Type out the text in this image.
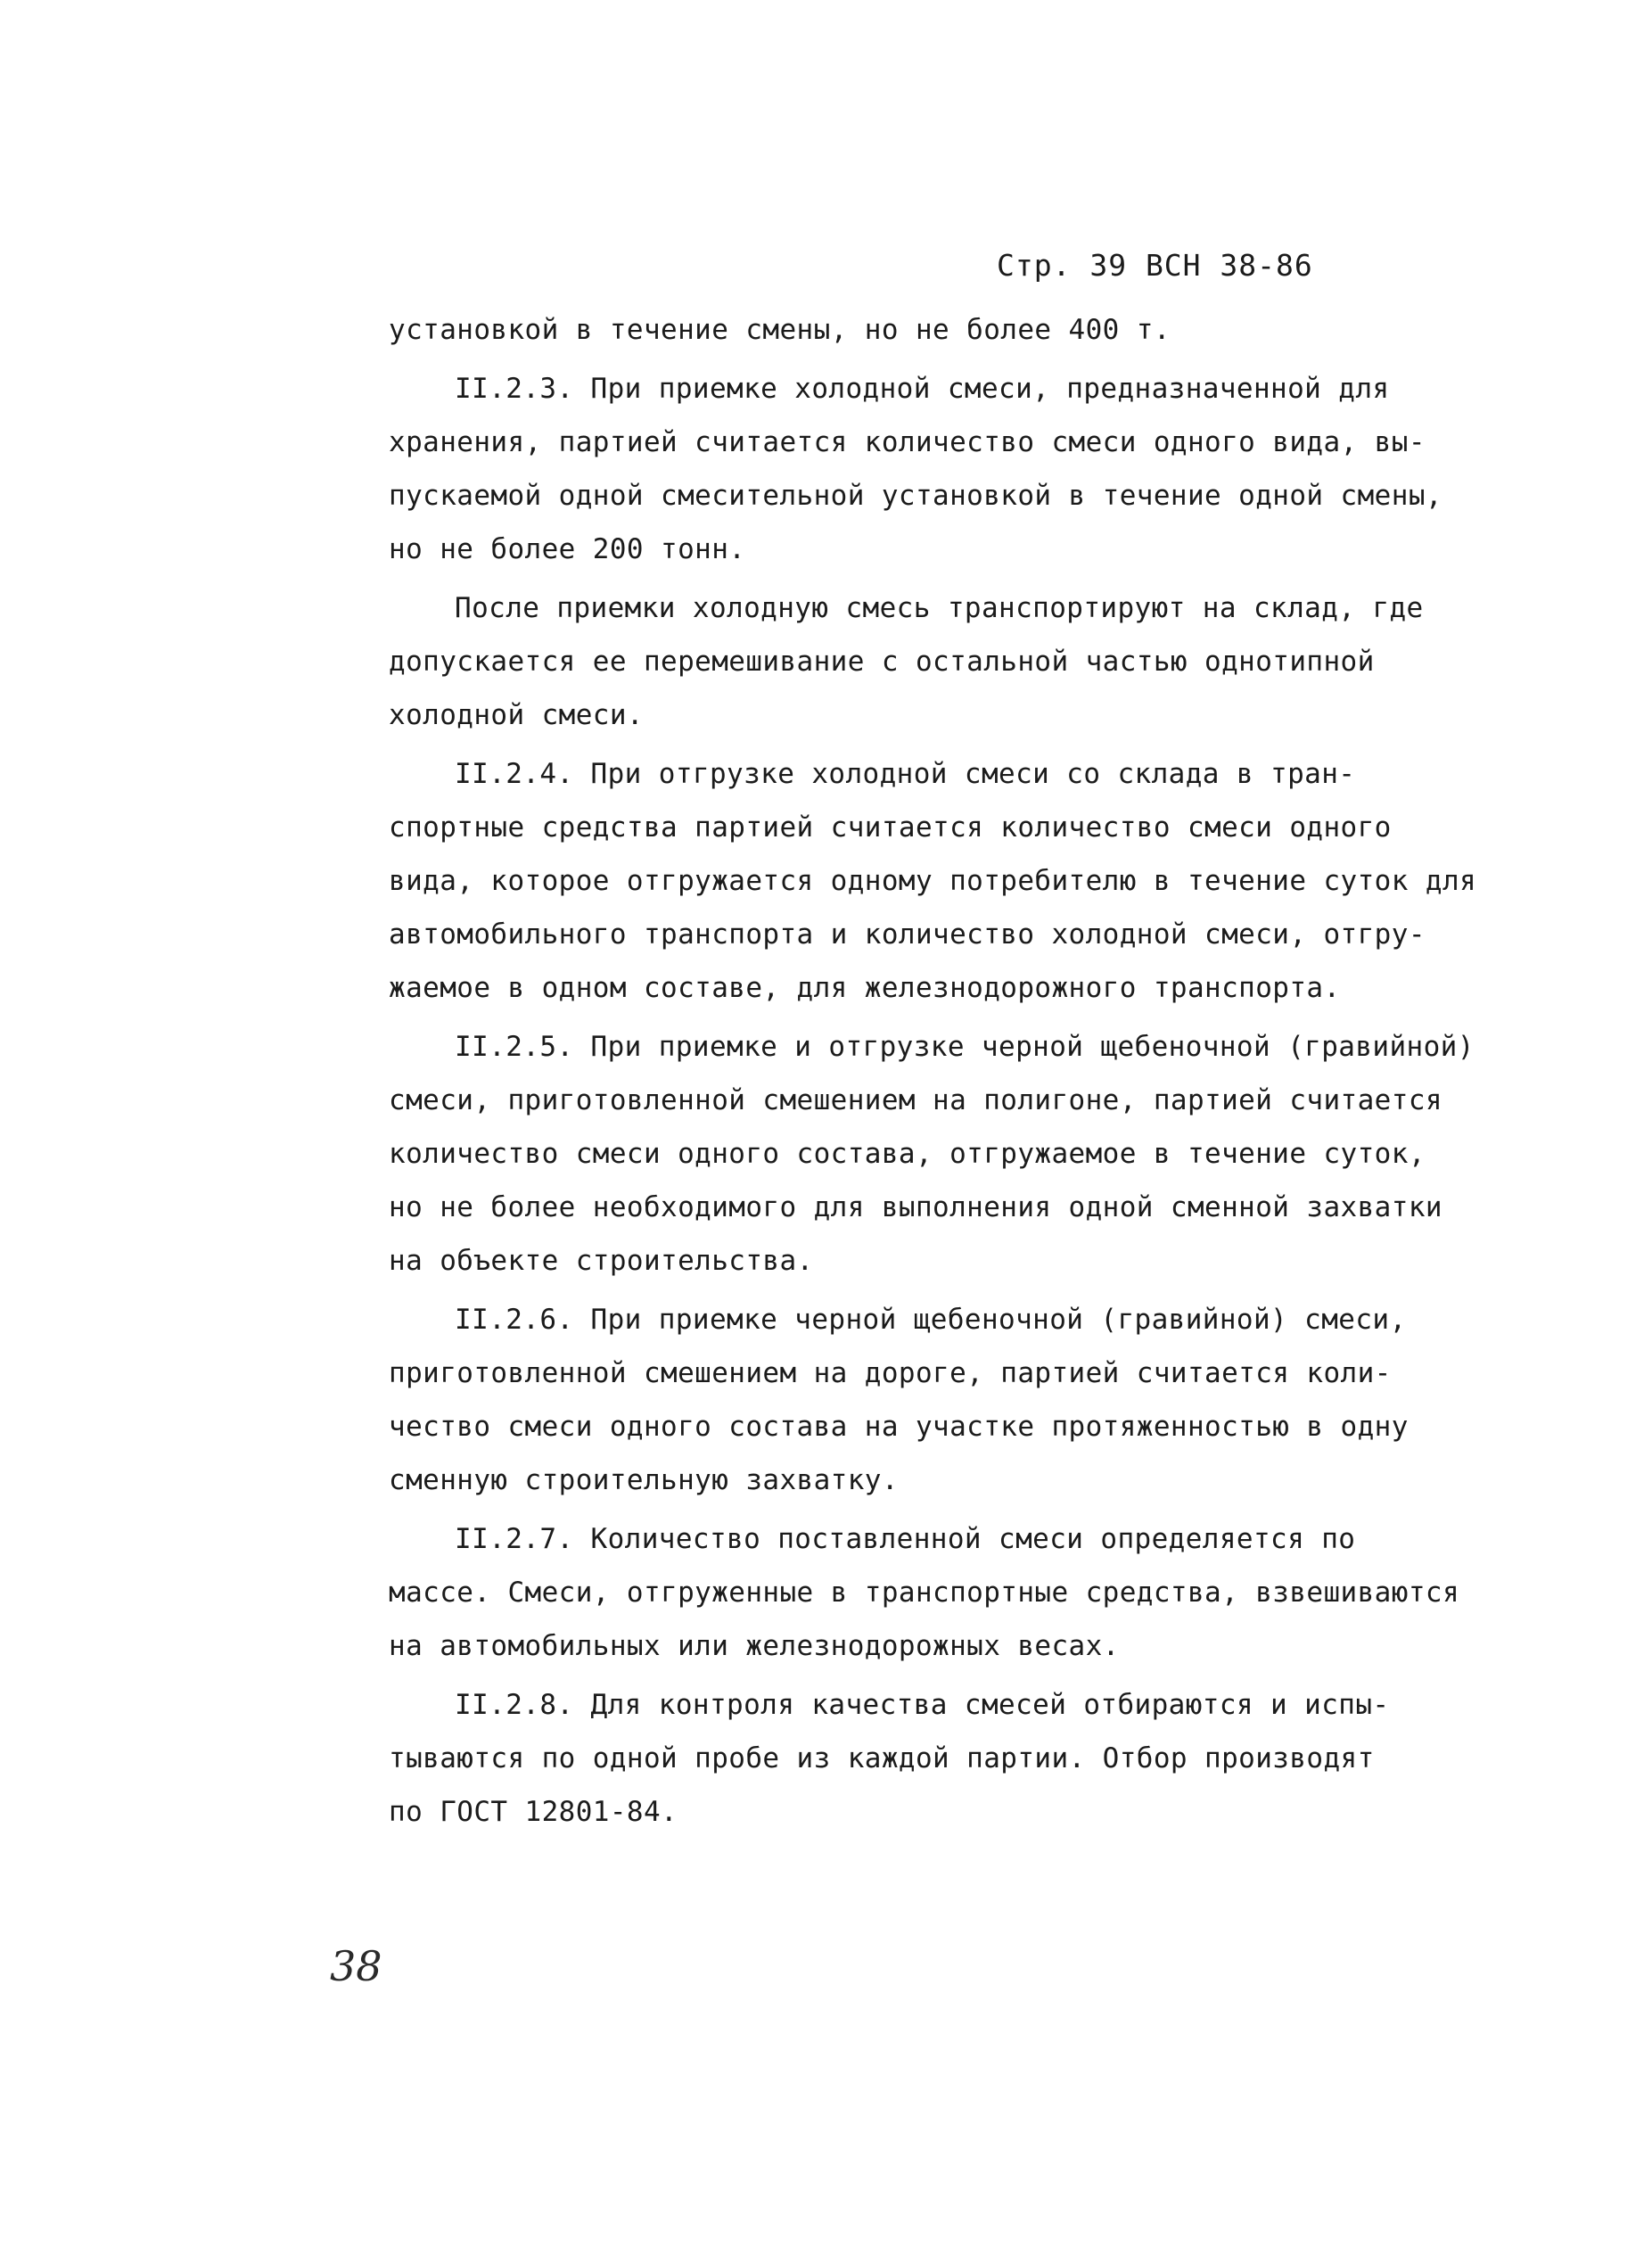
Стр. 39 ВСН 38-86
установкой в течение смены, но не более 400 т.
II.2.3. При приемке холодной смеси, предназначенной для
хранения, партией считается количество смеси одного вида, вы-
пускаемой одной смесительной установкой в течение одной смены,
но не более 200 тонн.
После приемки холодную смесь транспортируют на склад, где
допускается ее перемешивание с остальной частью однотипной
холодной смеси.
II.2.4. При отгрузке холодной смеси со склада в тран-
спортные средства партией считается количество смеси одного
вида, которое отгружается одному потребителю в течение суток для
автомобильного транспорта и количество холодной смеси, отгру-
жаемое в одном составе, для железнодорожного транспорта.
II.2.5. При приемке и отгрузке черной щебеночной (гравийной)
смеси, приготовленной смешением на полигоне, партией считается
количество смеси одного состава, отгружаемое в течение суток,
но не более необходимого для выполнения одной сменной захватки
на объекте строительства.
II.2.6. При приемке черной щебеночной (гравийной) смеси,
приготовленной смешением на дороге, партией считается коли-
чество смеси одного состава на участке протяженностью в одну
сменную строительную захватку.
II.2.7. Количество поставленной смеси определяется по
массе. Смеси, отгруженные в транспортные средства, взвешиваются
на автомобильных или железнодорожных весах.
II.2.8. Для контроля качества смесей отбираются и испы-
тываются по одной пробе из каждой партии. Отбор производят
по ГОСТ 12801-84.
38
